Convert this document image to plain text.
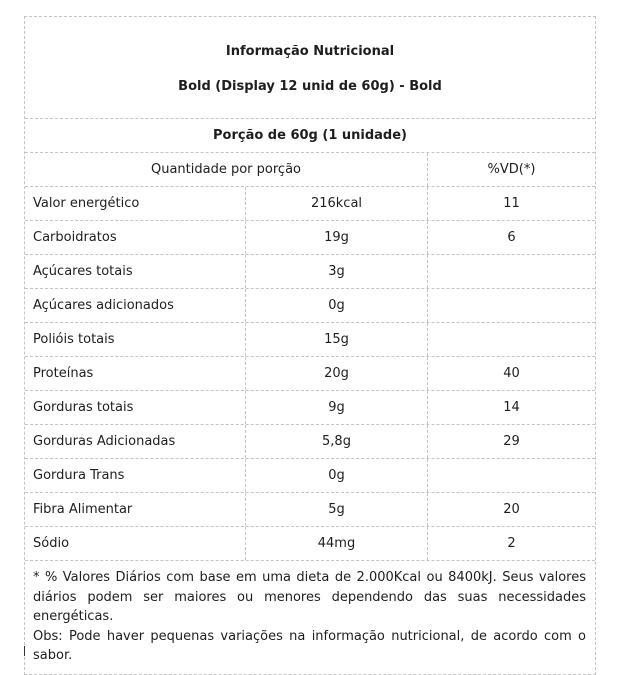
Informação Nutricional
Bold (Display 12 unid de 60g) - Bold
Porção de 60g (1 unidade)
Quantidade por porção	%VD(*)
Valor energético	216kcal	11
Carboidratos	19g	6
Açúcares totais	3g
Açúcares adicionados	0g
Polióis totais	15g
Proteínas	20g	40
Gorduras totais	9g	14
Gorduras Adicionadas	5,8g	29
Gordura Trans	0g
Fibra Alimentar	5g	20
Sódio	44mg	2

* % Valores Diários com base em uma dieta de 2.000Kcal ou 8400kJ. Seus valores diários podem ser maiores ou menores dependendo das suas necessidades energéticas.

Obs: Pode haver pequenas variações na informação nutricional, de acordo com o sabor.
